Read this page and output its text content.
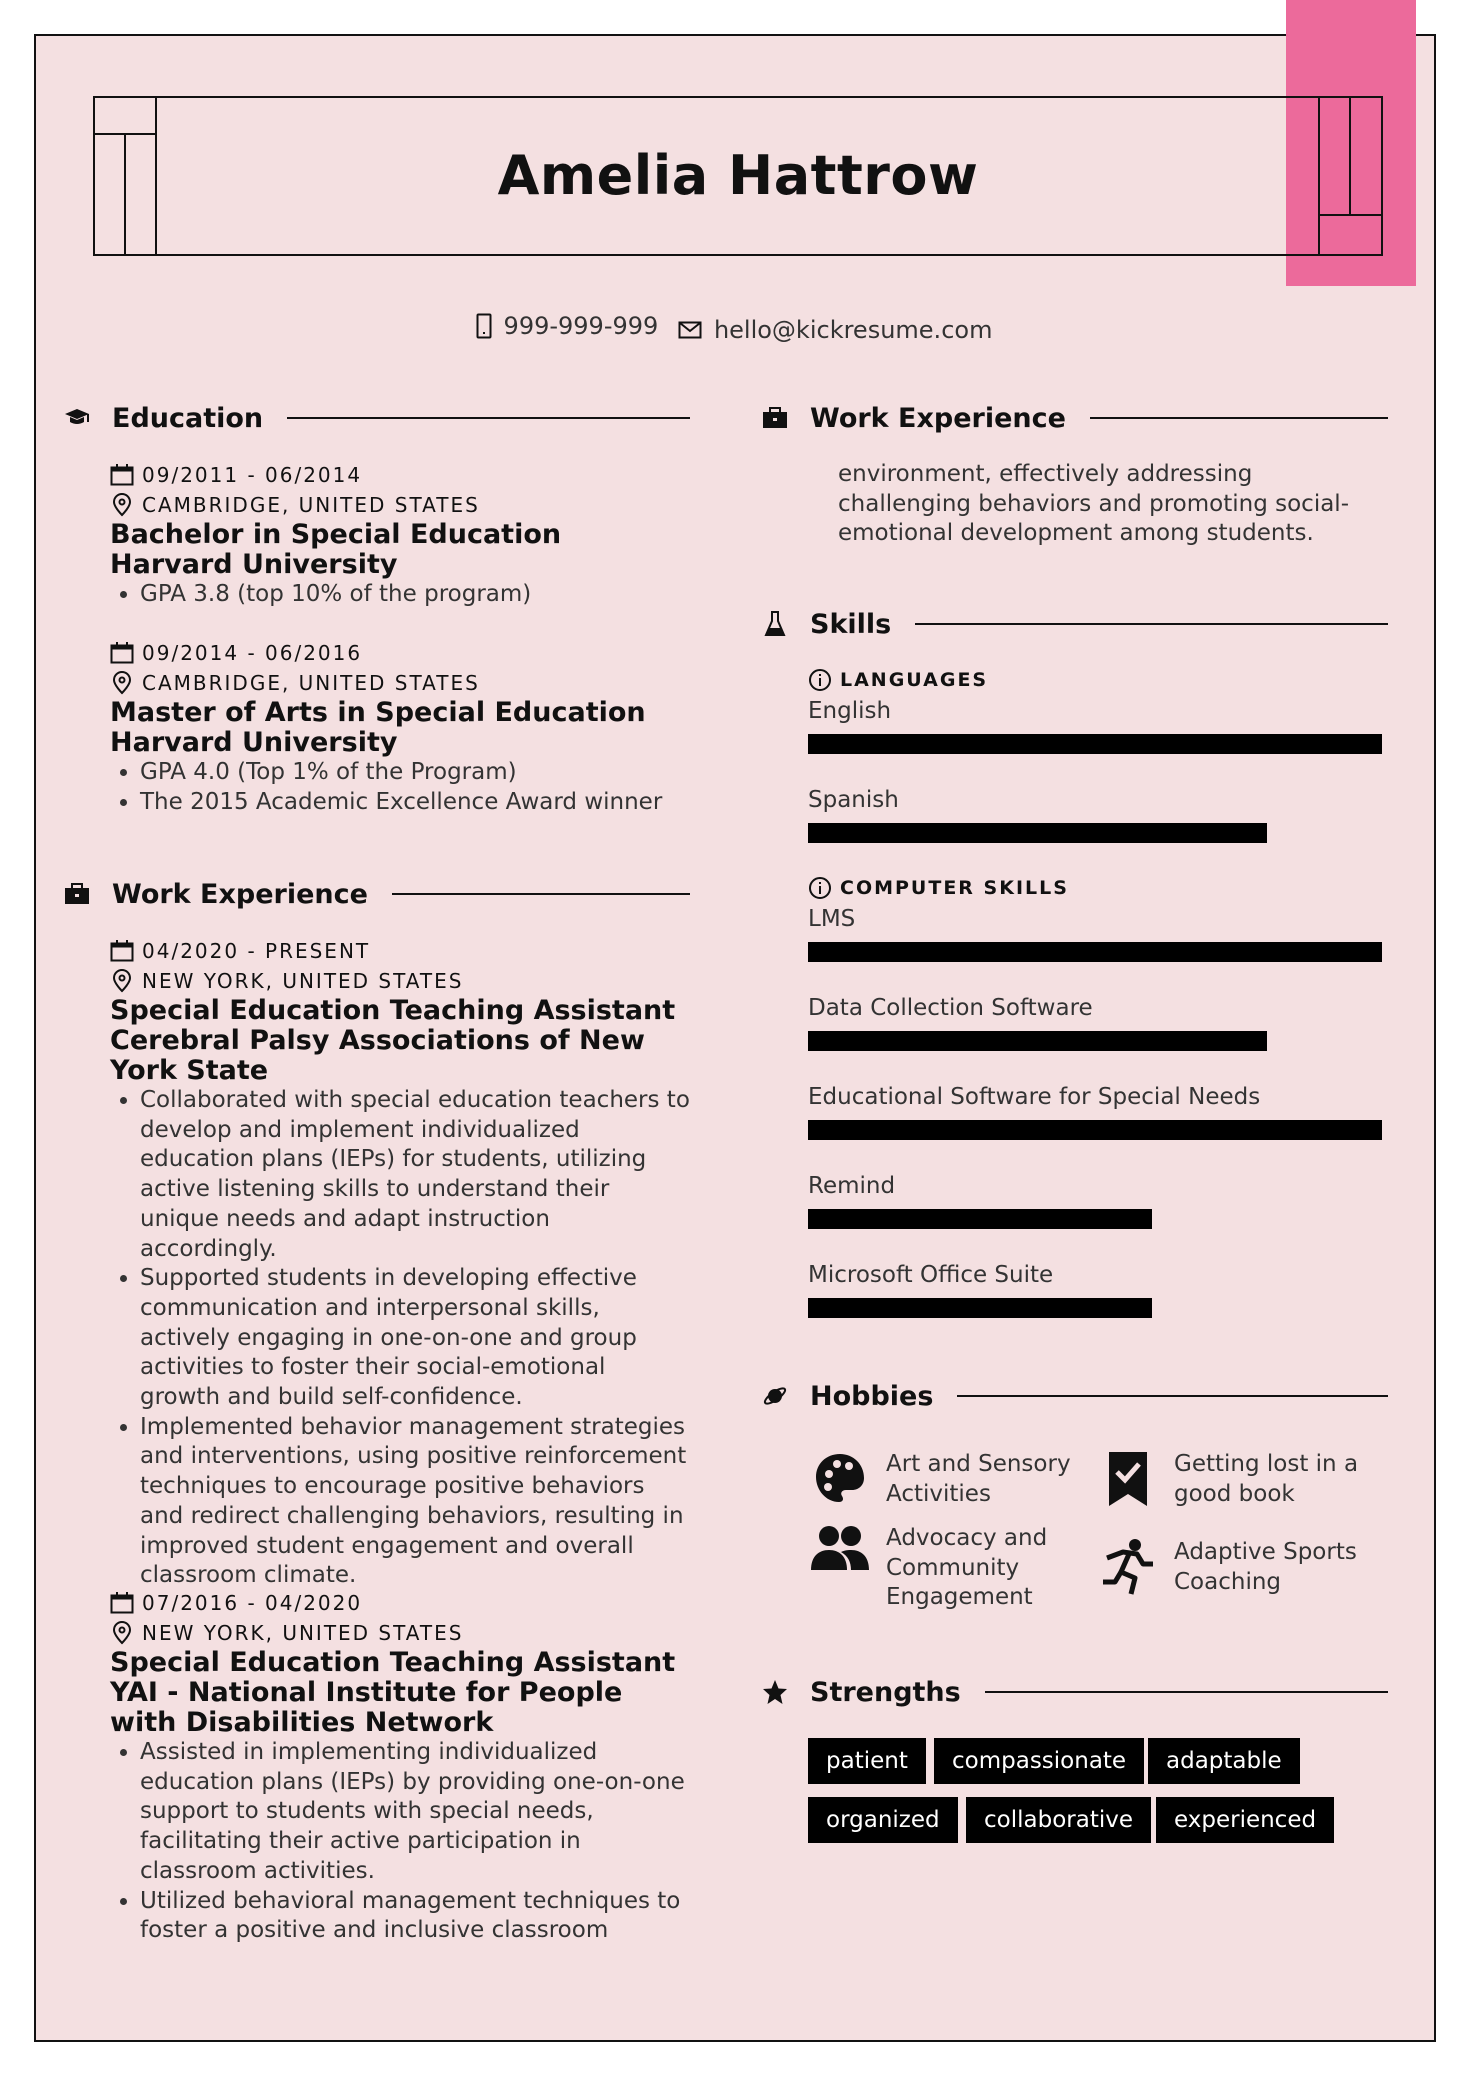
Amelia Hattrow
999-999-999
hello@kickresume.com
Education
09/2011 - 06/2014
CAMBRIDGE, UNITED STATES
Bachelor in Special Education
Harvard University
• GPA 3.8 (top 10% of the program)
09/2014 - 06/2016
CAMBRIDGE, UNITED STATES
Master of Arts in Special Education
Harvard University
• GPA 4.0 (Top 1% of the Program)
• The 2015 Academic Excellence Award winner
Work Experience
04/2020 - PRESENT
NEW YORK, UNITED STATES
Special Education Teaching Assistant
Cerebral Palsy Associations of New York State
• Collaborated with special education teachers to develop and implement individualized education plans (IEPs) for students, utilizing active listening skills to understand their unique needs and adapt instruction accordingly.
• Supported students in developing effective communication and interpersonal skills, actively engaging in one-on-one and group activities to foster their social-emotional growth and build self-confidence.
• Implemented behavior management strategies and interventions, using positive reinforcement techniques to encourage positive behaviors and redirect challenging behaviors, resulting in improved student engagement and overall classroom climate.
07/2016 - 04/2020
NEW YORK, UNITED STATES
Special Education Teaching Assistant
YAI - National Institute for People with Disabilities Network
• Assisted in implementing individualized education plans (IEPs) by providing one-on-one support to students with special needs, facilitating their active participation in classroom activities.
• Utilized behavioral management techniques to foster a positive and inclusive classroom
Work Experience
environment, effectively addressing challenging behaviors and promoting social-emotional development among students.
Skills
LANGUAGES
English
Spanish
COMPUTER SKILLS
LMS
Data Collection Software
Educational Software for Special Needs
Remind
Microsoft Office Suite
Hobbies
Art and Sensory Activities
Getting lost in a good book
Advocacy and Community Engagement
Adaptive Sports Coaching
Strengths
patient	compassionate	adaptable
organized	collaborative	experienced
